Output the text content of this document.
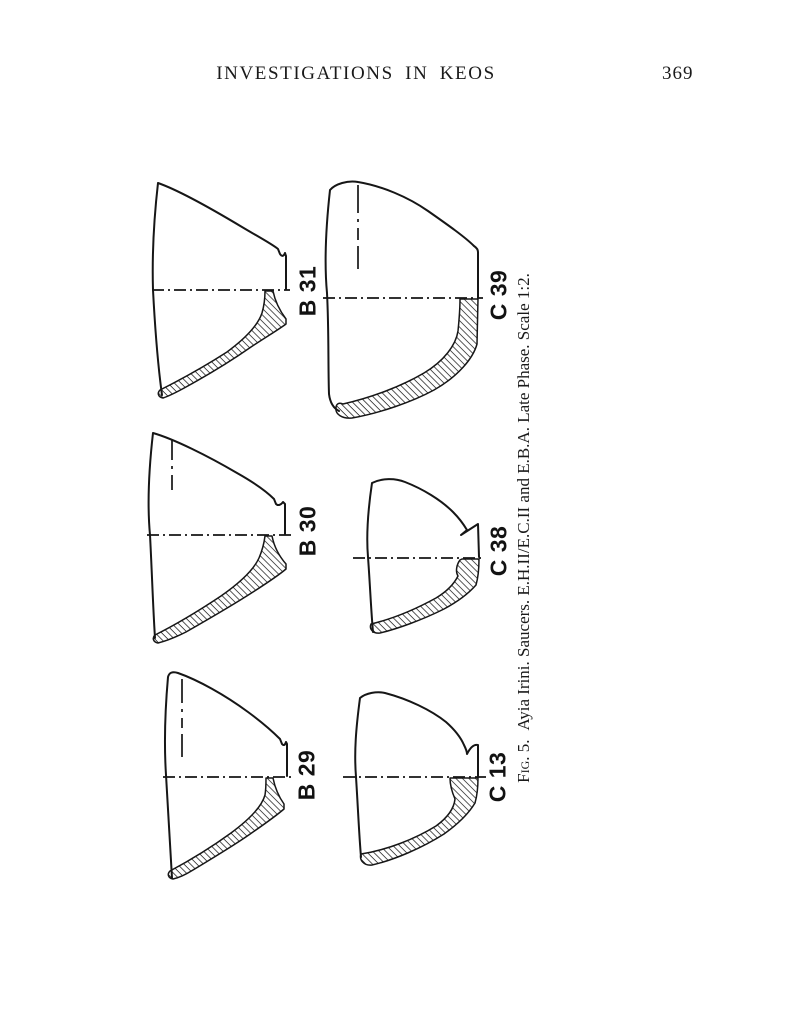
INVESTIGATIONS IN KEOS	369
B 31	C 39
B 30	C 38
B 29	C 13 Fig. 5.Ayia Irini. Saucers. E.H.II/E.C.II and E.B.A. Late Phase. Scale 1:2.
